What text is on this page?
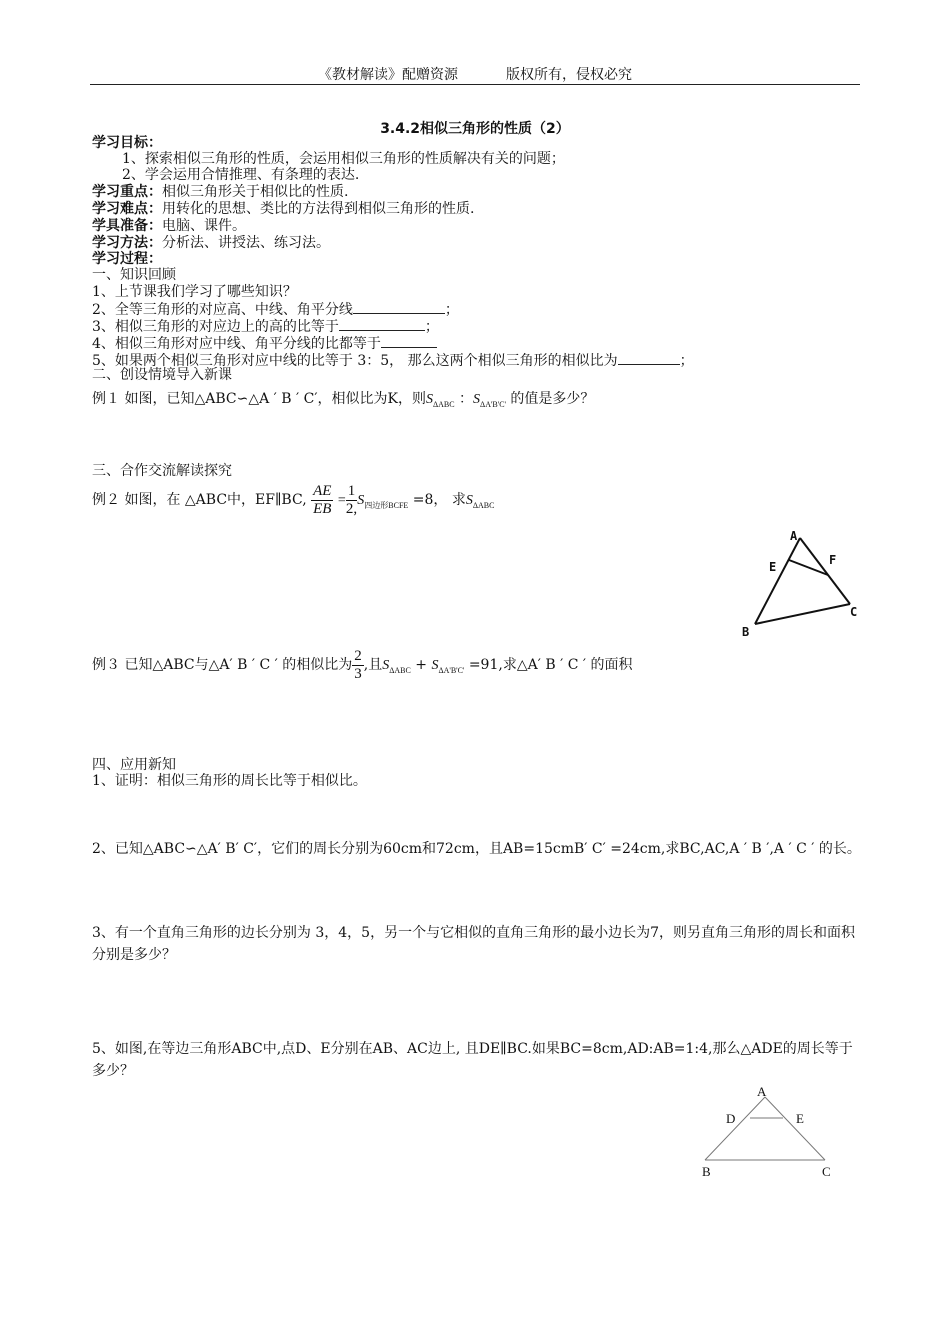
《教材解读》配赠资源	版权所有，侵权必究
3.4.2相似三角形的性质（2）
学习目标：
1、探索相似三角形的性质，会运用相似三角形的性质解决有关的问题；
2、学会运用合情推理、有条理的表达.
学习重点：相似三角形关于相似比的性质.
学习难点：用转化的思想、类比的方法得到相似三角形的性质.
学具准备：电脑、课件。
学习方法：分析法、讲授法、练习法。
学习过程：
一、知识回顾
1、上节课我们学习了哪些知识？
2、全等三角形的对应高、中线、角平分线	；
3、相似三角形的对应边上的高的比等于	；
4、相似三角形对应中线、角平分线的比都等于
5、如果两个相似三角形对应中线的比等于 3：5， 那么这两个相似三角形的相似比为	；
二、创设情境导入新课
例１ 如图，已知△ABC∽△A ′ B ′ C′，相似比为K，则$S_{\Delta ABC}$ ：$S_{\Delta A'B'C'}$ 的值是多少？
三、合作交流解读探究
例２ 如图，在 △ABC中，EF∥BC, $\frac{AE}{EB} = \frac{1}{2,} S_{四边形BCFE} =8$， 求$S_{\Delta ABC}$
A
E	F
B
C
例３ 已知△ABC与△A′ B ′ C ′ 的相似比为 $\frac{2}{3}$ ,且$S_{\Delta ABC} + S_{\Delta A'B'C'} =91$,求△A′ B ′ C ′ 的面积
四、应用新知
1、证明：相似三角形的周长比等于相似比。
2、已知△ABC∽△A′ B′ C′，它们的周长分别为60cm和72cm，且AB=15cmB′ C′ =24cm,求BC,AC,A ′ B ′,A ′ C ′ 的长。
3、有一个直角三角形的边长分别为 3，4，5，另一个与它相似的直角三角形的最小边长为7，则另直角三角形的周长和面积分别是多少？
5、如图,在等边三角形ABC中,点D、E分别在AB、AC边上, 且DE∥BC.如果BC=8cm,AD:AB=1:4,那么△ADE的周长等于多少？
A
D	E
B	C
